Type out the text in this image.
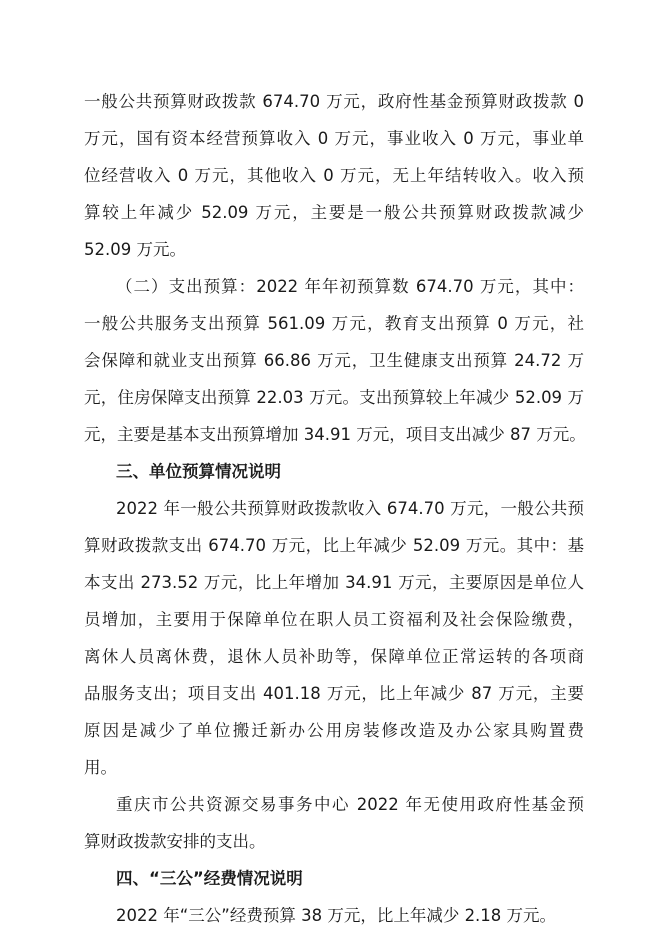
一般公共预算财政拨款 674.70 万元，政府性基金预算财政拨款 0
万元，国有资本经营预算收入 0 万元，事业收入 0 万元，事业单
位经营收入 0 万元，其他收入 0 万元，无上年结转收入。收入预
算较上年减少 52.09 万元，主要是一般公共预算财政拨款减少
52.09 万元。
（二）支出预算：2022 年年初预算数 674.70 万元，其中：
一般公共服务支出预算 561.09 万元，教育支出预算 0 万元，社
会保障和就业支出预算 66.86 万元，卫生健康支出预算 24.72 万
元，住房保障支出预算 22.03 万元。支出预算较上年减少 52.09 万
元，主要是基本支出预算增加 34.91 万元，项目支出减少 87 万元。
三、单位预算情况说明
2022 年一般公共预算财政拨款收入 674.70 万元，一般公共预
算财政拨款支出 674.70 万元，比上年减少 52.09 万元。其中：基
本支出 273.52 万元，比上年增加 34.91 万元，主要原因是单位人
员增加，主要用于保障单位在职人员工资福利及社会保险缴费，
离休人员离休费，退休人员补助等，保障单位正常运转的各项商
品服务支出；项目支出 401.18 万元，比上年减少 87 万元，主要
原因是减少了单位搬迁新办公用房装修改造及办公家具购置费
用。
重庆市公共资源交易事务中心 2022 年无使用政府性基金预
算财政拨款安排的支出。
四、“三公”经费情况说明
2022 年“三公”经费预算 38 万元，比上年减少 2.18 万元。
